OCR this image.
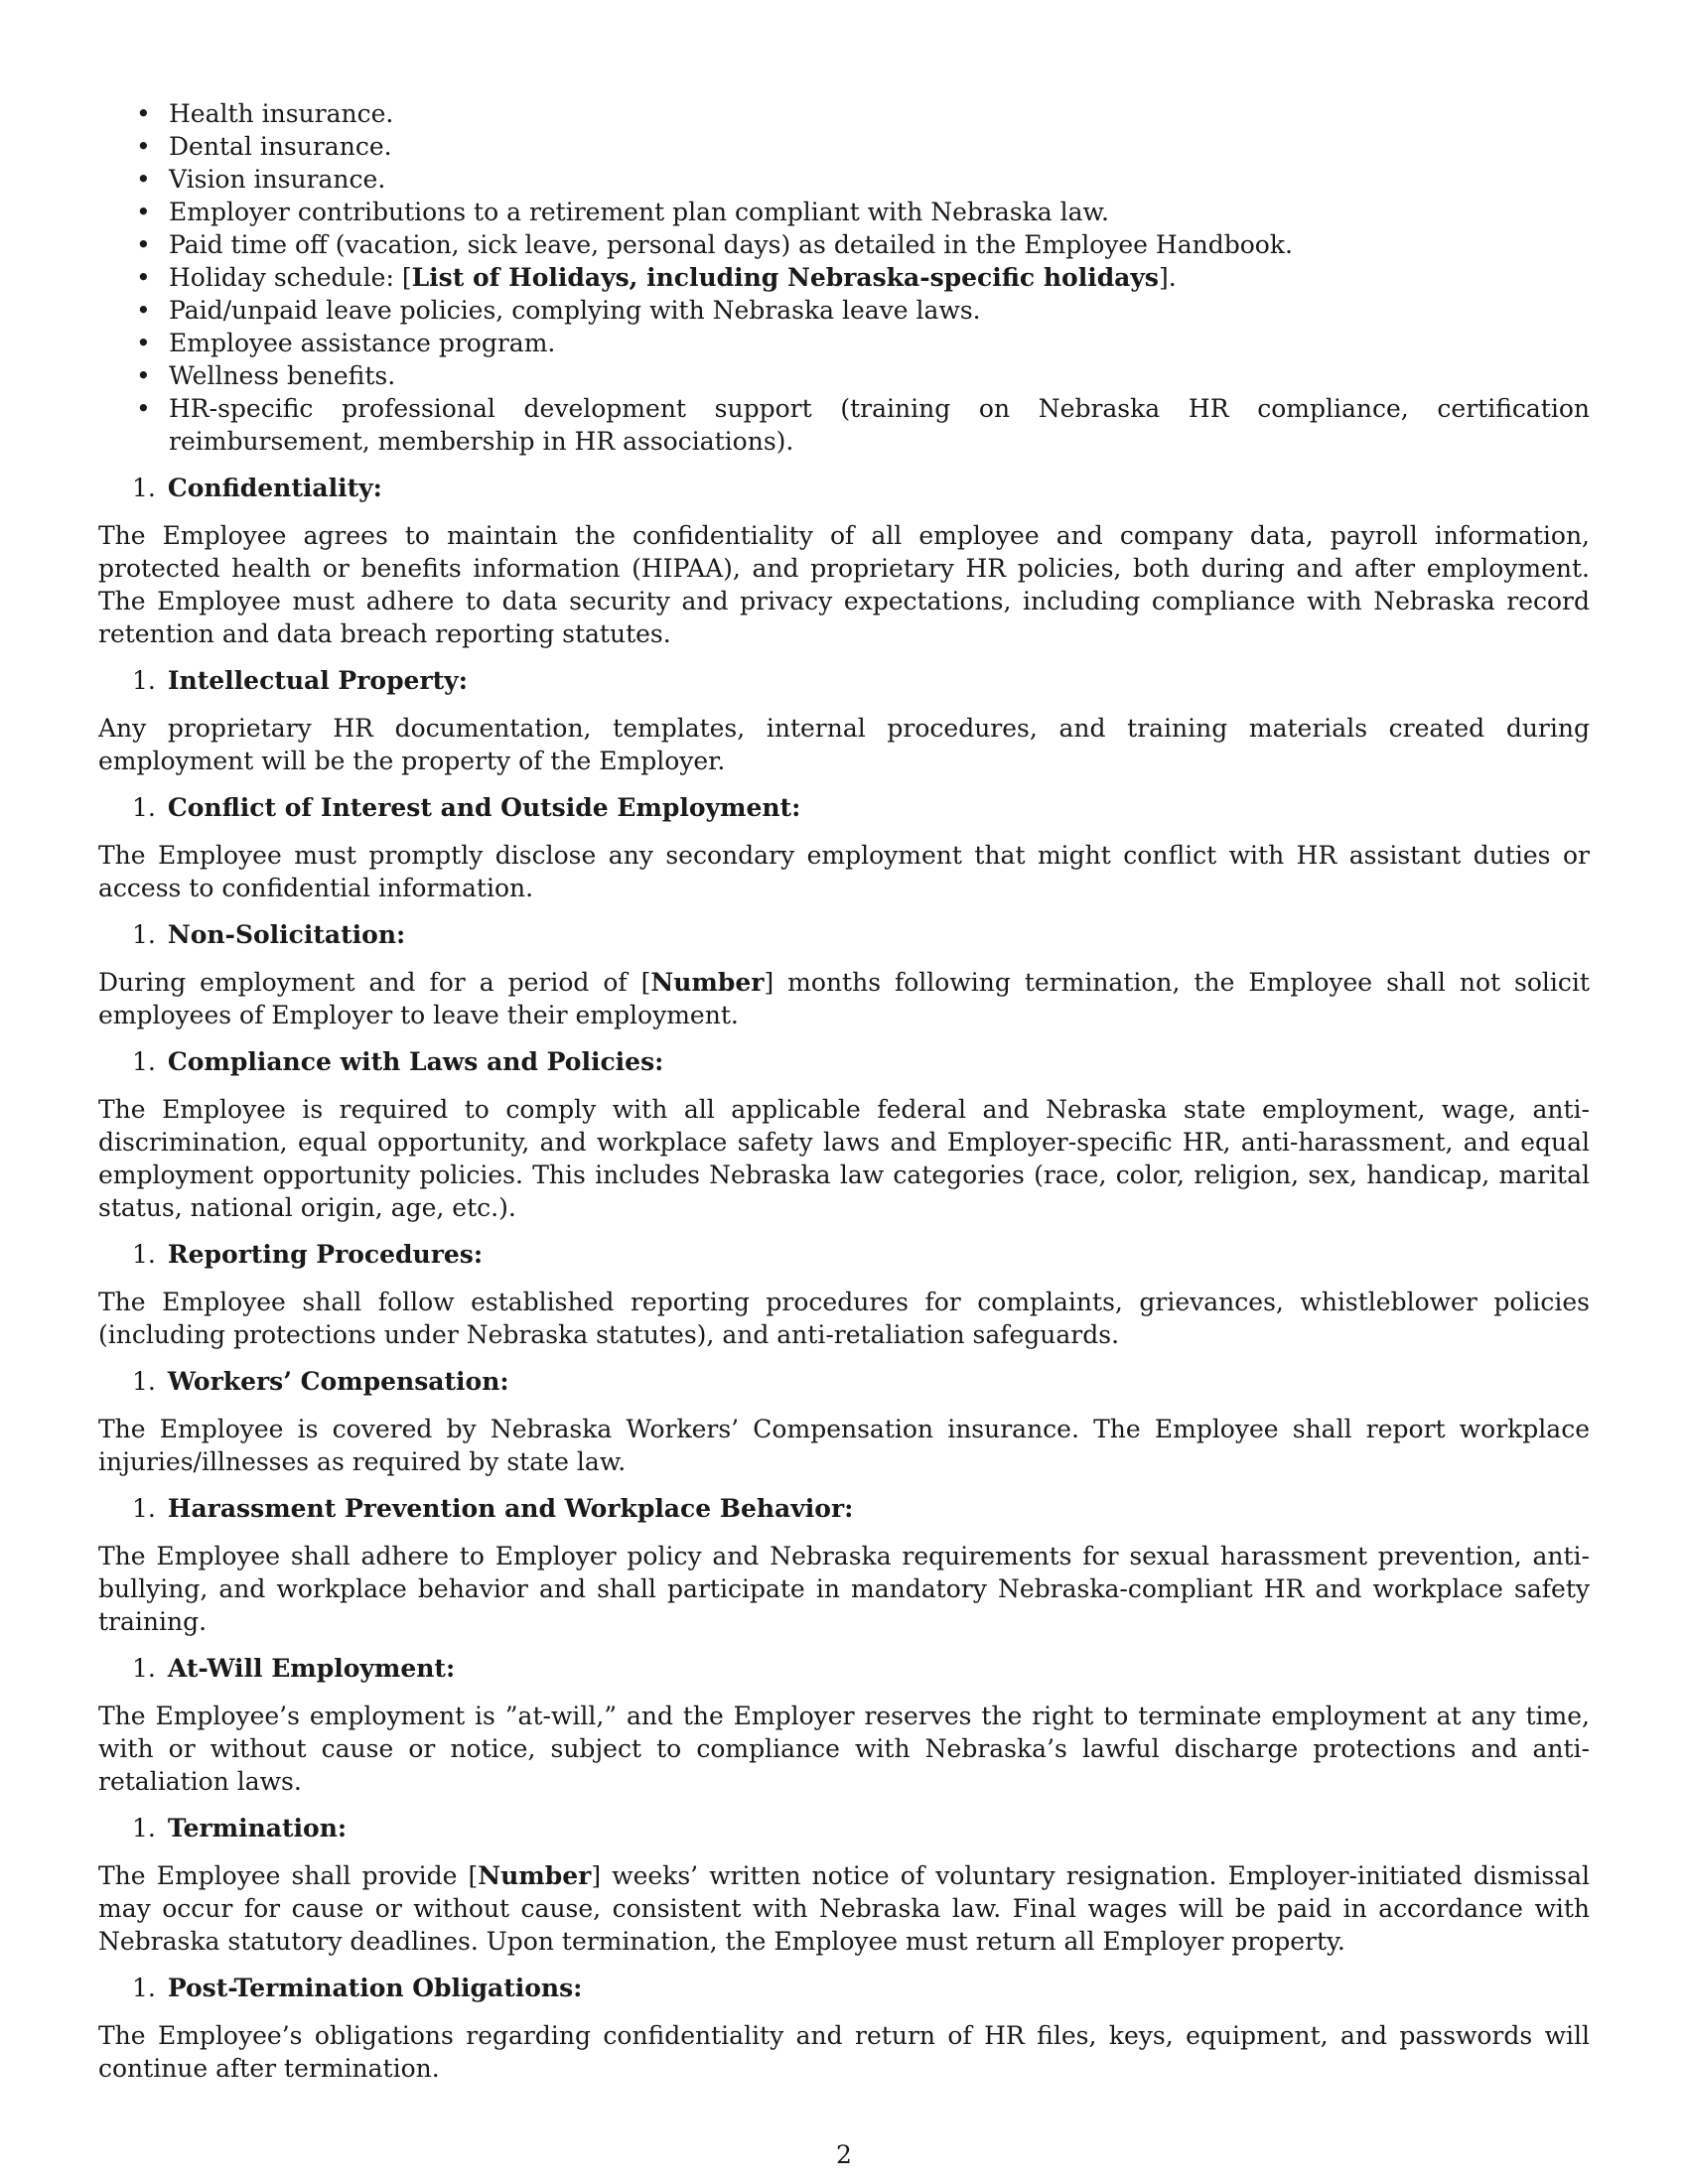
• Health insurance.
• Dental insurance.
• Vision insurance.
• Employer contributions to a retirement plan compliant with Nebraska law.
• Paid time off (vacation, sick leave, personal days) as detailed in the Employee Handbook.
• Holiday schedule: [List of Holidays, including Nebraska-specific holidays].
• Paid/unpaid leave policies, complying with Nebraska leave laws.
• Employee assistance program.
• Wellness benefits.
• HR-specific professional development support (training on Nebraska HR compliance, certification reimbursement, membership in HR associations).
1. Confidentiality:

The Employee agrees to maintain the confidentiality of all employee and company data, payroll information, protected health or benefits information (HIPAA), and proprietary HR policies, both during and after employment. The Employee must adhere to data security and privacy expectations, including compliance with Nebraska record retention and data breach reporting statutes.

1. Intellectual Property:

Any proprietary HR documentation, templates, internal procedures, and training materials created during employment will be the property of the Employer.

1. Conflict of Interest and Outside Employment:

The Employee must promptly disclose any secondary employment that might conflict with HR assistant duties or access to confidential information.

1. Non-Solicitation:

During employment and for a period of [Number] months following termination, the Employee shall not solicit employees of Employer to leave their employment.

1. Compliance with Laws and Policies:

The Employee is required to comply with all applicable federal and Nebraska state employment, wage, anti-discrimination, equal opportunity, and workplace safety laws and Employer-specific HR, anti-harassment, and equal employment opportunity policies. This includes Nebraska law categories (race, color, religion, sex, handicap, marital status, national origin, age, etc.).

1. Reporting Procedures:

The Employee shall follow established reporting procedures for complaints, grievances, whistleblower policies (including protections under Nebraska statutes), and anti-retaliation safeguards.

1. Workers’ Compensation:

The Employee is covered by Nebraska Workers’ Compensation insurance. The Employee shall report workplace injuries/illnesses as required by state law.

1. Harassment Prevention and Workplace Behavior:

The Employee shall adhere to Employer policy and Nebraska requirements for sexual harassment prevention, anti-bullying, and workplace behavior and shall participate in mandatory Nebraska-compliant HR and workplace safety training.

1. At-Will Employment:

The Employee’s employment is ”at-will,” and the Employer reserves the right to terminate employment at any time, with or without cause or notice, subject to compliance with Nebraska’s lawful discharge protections and anti-retaliation laws.

1. Termination:

The Employee shall provide [Number] weeks’ written notice of voluntary resignation. Employer-initiated dismissal may occur for cause or without cause, consistent with Nebraska law. Final wages will be paid in accordance with Nebraska statutory deadlines. Upon termination, the Employee must return all Employer property.

1. Post-Termination Obligations:

The Employee’s obligations regarding confidentiality and return of HR files, keys, equipment, and passwords will continue after termination.

2
